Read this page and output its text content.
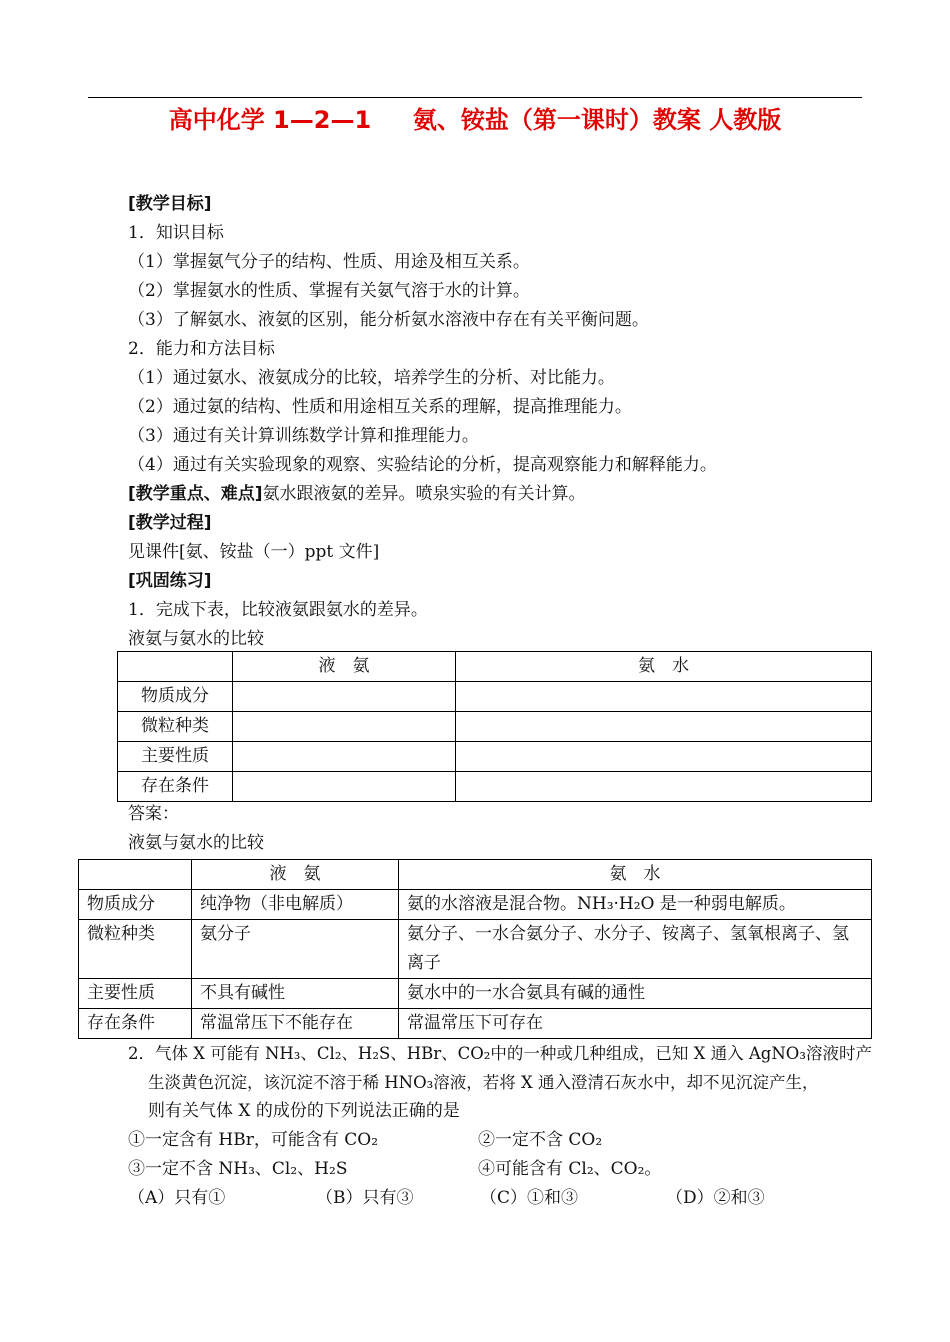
高中化学 1—2—1     氨、铵盐（第一课时）教案 人教版
[教学目标]
1．知识目标
（1）掌握氨气分子的结构、性质、用途及相互关系。
（2）掌握氨水的性质、掌握有关氨气溶于水的计算。
（3）了解氨水、液氨的区别，能分析氨水溶液中存在有关平衡问题。
2．能力和方法目标
（1）通过氨水、液氨成分的比较，培养学生的分析、对比能力。
（2）通过氨的结构、性质和用途相互关系的理解，提高推理能力。
（3）通过有关计算训练数学计算和推理能力。
（4）通过有关实验现象的观察、实验结论的分析，提高观察能力和解释能力。
[教学重点、难点]氨水跟液氨的差异。喷泉实验的有关计算。
[教学过程]
见课件[氨、铵盐（一）ppt 文件]
[巩固练习]
1．完成下表，比较液氨跟氨水的差异。
液氨与氨水的比较
	液　氨	氨　水
物质成分		
微粒种类		
主要性质		
存在条件		
答案：
液氨与氨水的比较
	液　氨	氨　水
物质成分	纯净物（非电解质）	氨的水溶液是混合物。NH₃·H₂O 是一种弱电解质。
微粒种类	氨分子	氨分子、一水合氨分子、水分子、铵离子、氢氧根离子、氢离子
主要性质	不具有碱性	氨水中的一水合氨具有碱的通性
存在条件	常温常压下不能存在	常温常压下可存在
2．气体 X 可能有 NH₃、Cl₂、H₂S、HBr、CO₂中的一种或几种组成，已知 X 通入 AgNO₃溶液时产
生淡黄色沉淀，该沉淀不溶于稀 HNO₃溶液，若将 X 通入澄清石灰水中，却不见沉淀产生，
则有关气体 X 的成份的下列说法正确的是
①一定含有 HBr，可能含有 CO₂	②一定不含 CO₂
③一定不含 NH₃、Cl₂、H₂S	④可能含有 Cl₂、CO₂。
（A）只有①	（B）只有③	（C）①和③	（D）②和③
